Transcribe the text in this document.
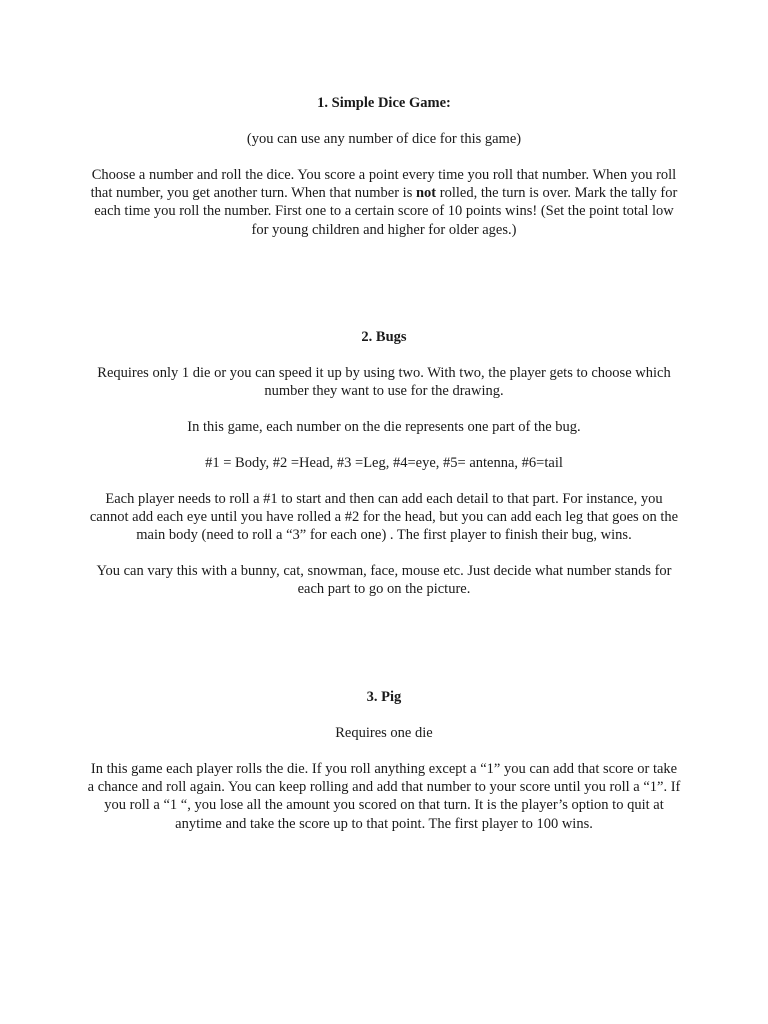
1. Simple Dice Game:

(you can use any number of dice for this game)

Choose a number and roll the dice. You score a point every time you roll that number. When you roll that number, you get another turn. When that number is not rolled, the turn is over. Mark the tally for each time you roll the number. First one to a certain score of 10 points wins! (Set the point total low for young children and higher for older ages.)

2. Bugs

Requires only 1 die or you can speed it up by using two. With two, the player gets to choose which number they want to use for the drawing.

In this game, each number on the die represents one part of the bug.

#1 = Body, #2 =Head, #3 =Leg, #4=eye, #5= antenna, #6=tail

Each player needs to roll a #1 to start and then can add each detail to that part. For instance, you cannot add each eye until you have rolled a #2 for the head, but you can add each leg that goes on the main body (need to roll a “3” for each one) . The first player to finish their bug, wins.

You can vary this with a bunny, cat, snowman, face, mouse etc. Just decide what number stands for each part to go on the picture.

3. Pig

Requires one die

In this game each player rolls the die. If you roll anything except a “1” you can add that score or take a chance and roll again. You can keep rolling and add that number to your score until you roll a “1”. If you roll a “1 “, you lose all the amount you scored on that turn. It is the player’s option to quit at anytime and take the score up to that point. The first player to 100 wins.
